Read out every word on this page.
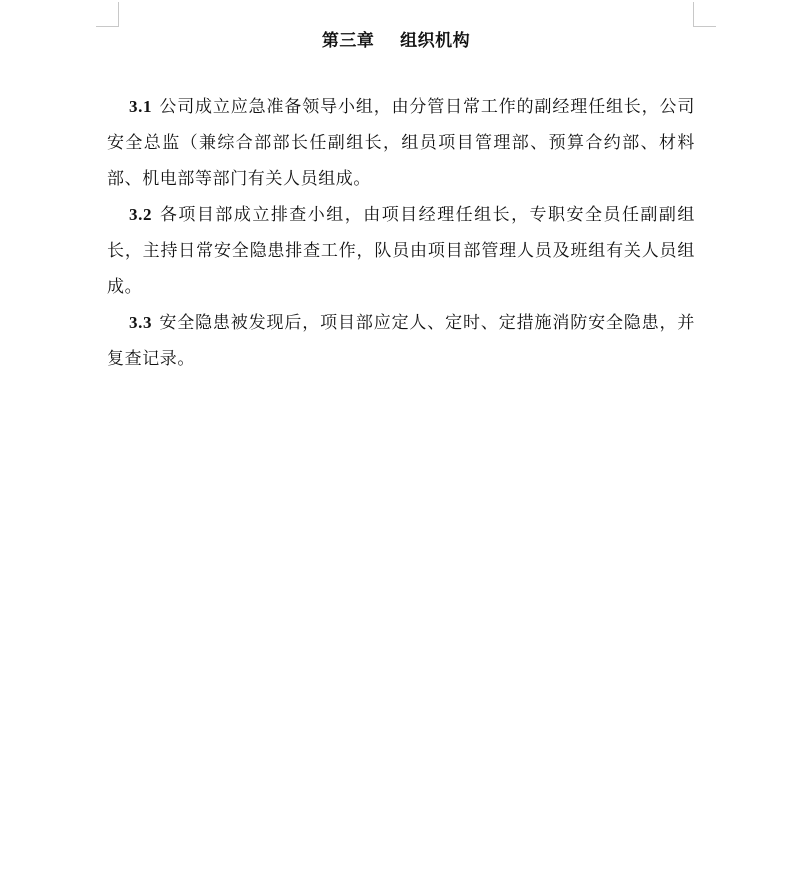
第三章    组织机构

3.1 公司成立应急准备领导小组，由分管日常工作的副经理任组长，公司安全总监（兼综合部部长任副组长，组员项目管理部、预算合约部、材料部、机电部等部门有关人员组成。

3.2 各项目部成立排查小组，由项目经理任组长，专职安全员任副副组长，主持日常安全隐患排查工作，队员由项目部管理人员及班组有关人员组成。

3.3 安全隐患被发现后，项目部应定人、定时、定措施消防安全隐患，并复查记录。
